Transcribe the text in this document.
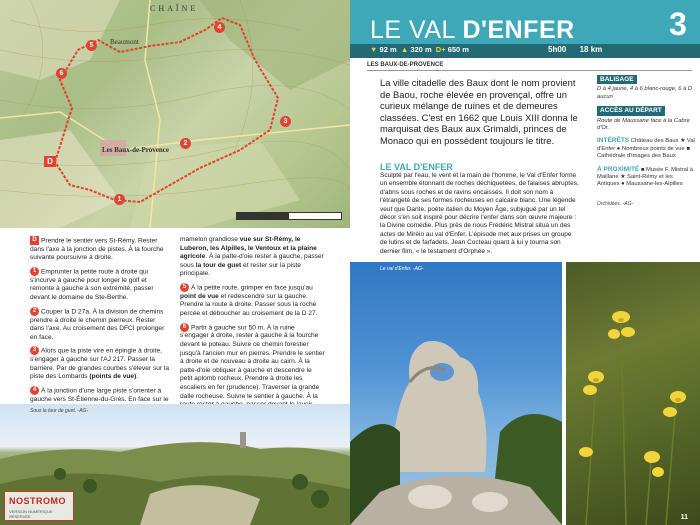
CHAÎNE
Beaumont
Les Baux-de-Provence
D
1
2
3
4
5
6

D Prendre le sentier vers St-Rémy. Rester dans l'axe à la jonction de pistes. À la fourche suivante poursuivre à droite.

1 Emprunter la petite route à droite qui s'incurve à gauche pour longer le golf et remonte à gauche à son extrémité, passer devant le domaine de Ste-Berthe.

2 Couper la D 27a. À la division de chemins prendre à droite le chemin pierreux. Rester dans l'axe. Au croisement des DFCI prolonger en face.

3 Alors que la piste vire en épingle à droite, s'engager à gauche sur l'AJ 217. Passer la barrière. Par de grandes courbes s'élever sur la piste des Lombards (points de vue).

4 À la jonction d'une large piste s'orienter à gauche vers St-Étienne-du-Grès. En face sur le

mamelon grandiose vue sur St-Rémy, le Luberon, les Alpilles, le Ventoux et la plaine agricole. À la patte-d'oie rester à gauche, passer sous la tour de guet et rester sur la piste principale.

5 À la petite route, grimper en face jusqu'au point de vue et redescendre sur la gauche. Prendre la route à droite. Passer sous la roche percée et déboucher au croisement de la D 27.

6 Partir à gauche sur 50 m. À la ruine s'engager à droite, rester à gauche à la fourche devant le poteau. Suivre ce chemin forestier jusqu'à l'ancien mur en pierres. Prendre le sentier à droite et de nouveau à droite au cairn. À la patte-d'oie obliquer à gauche et descendre le petit aplomb rocheux. Prendre à droite les escaliers en fer (prudence). Traverser la grande dalle rocheuse. Suivre le sentier à gauche. À la

Sous la tour de guet. -AG-
NOSTROMO
VERSION NUMÉRIQUE RÉSERVÉE
LE VAL D'ENFER	3
▼ 92 m ▲ 320 m D+ 650 m	5h00 18 km
LES BAUX-DE-PROVENCE

La ville citadelle des Baux dont le nom provient de Baou, roche élevée en provençal, offre un curieux mélange de ruines et de demeures classées. C'est en 1662 que Louis XIII donna le marquisat des Baux aux Grimaldi, princes de Monaco qui en possèdent toujours le titre.

LE VAL D'ENFER

Sculpté par l'eau, le vent et la main de l'homme, le Val d'Enfer forme un ensemble étonnant de roches déchiquetées, de falaises abruptes, d'abris sous roches et de ravins encaissés. Il doit son nom à l'étrangeté de ses formes rocheuses en calcaire blanc. Une légende veut que Dante, poète italien du Moyen Âge, subjugué par un tel décor s'en soit inspiré pour décrire l'enfer dans son œuvre majeure : la Divine comédie. Plus près de nous Frédéric Mistral situa un des actes de Mirèio au val d'Enfer. L'épisode met aux prises un groupe de lutins et de farfadets. Jean Cocteau quant à lui y tourna son dernier film, « le testament d'Orphée ».

BALISAGE
D à 4 jaune, 4 à 6 blanc-rouge, 6 à D aucun
ACCÈS AU DÉPART
Route de Maussane face à la Cabre d'Or.
INTÉRÊTS Château des Baux ★ Val d'Enfer ● Nombreux points de vue ■ Cathédrale d'images des Baux
À PROXIMITÉ ■ Musée F. Mistral à Maillane ★ Saint-Rémy et les Antiques ● Maussane-les-Alpilles
Orchidées. -AG-
Le val d'Enfer. -AG-
11
